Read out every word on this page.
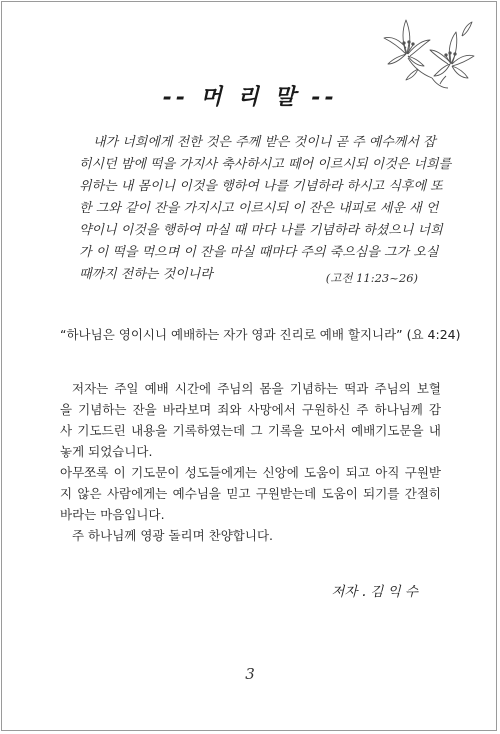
-- 머 리 말 --
내가 너희에게 전한 것은 주께 받은 것이니 곧 주 예수께서 잡
히시던 밤에 떡을 가지사 축사하시고 떼어 이르시되 이것은 너희를
위하는 내 몸이니 이것을 행하여 나를 기념하라 하시고 식후에 또
한 그와 같이 잔을 가지시고 이르시되 이 잔은 내피로 세운 새 언
약이니 이것을 행하여 마실 때 마다 나를 기념하라 하셨으니 너희
가 이 떡을 먹으며 이 잔을 마실 때마다 주의 죽으심을 그가 오실
때까지 전하는 것이니라	(고전 11:23~26)
“하나님은 영이시니 예배하는 자가 영과 진리로 예배 할지니라” (요 4:24)
저자는 주일 예배 시간에 주님의 몸을 기념하는 떡과 주님의 보혈
을 기념하는 잔을 바라보며 죄와 사망에서 구원하신 주 하나님께 감
사 기도드린 내용을 기록하였는데 그 기록을 모아서 예배기도문을 내
놓게 되었습니다.
아무쪼록 이 기도문이 성도들에게는 신앙에 도움이 되고 아직 구원받
지 않은 사람에게는 예수님을 믿고 구원받는데 도움이 되기를 간절히
바라는 마음입니다.
주 하나님께 영광 돌리며 찬양합니다.
저자 . 김 익 수
3
